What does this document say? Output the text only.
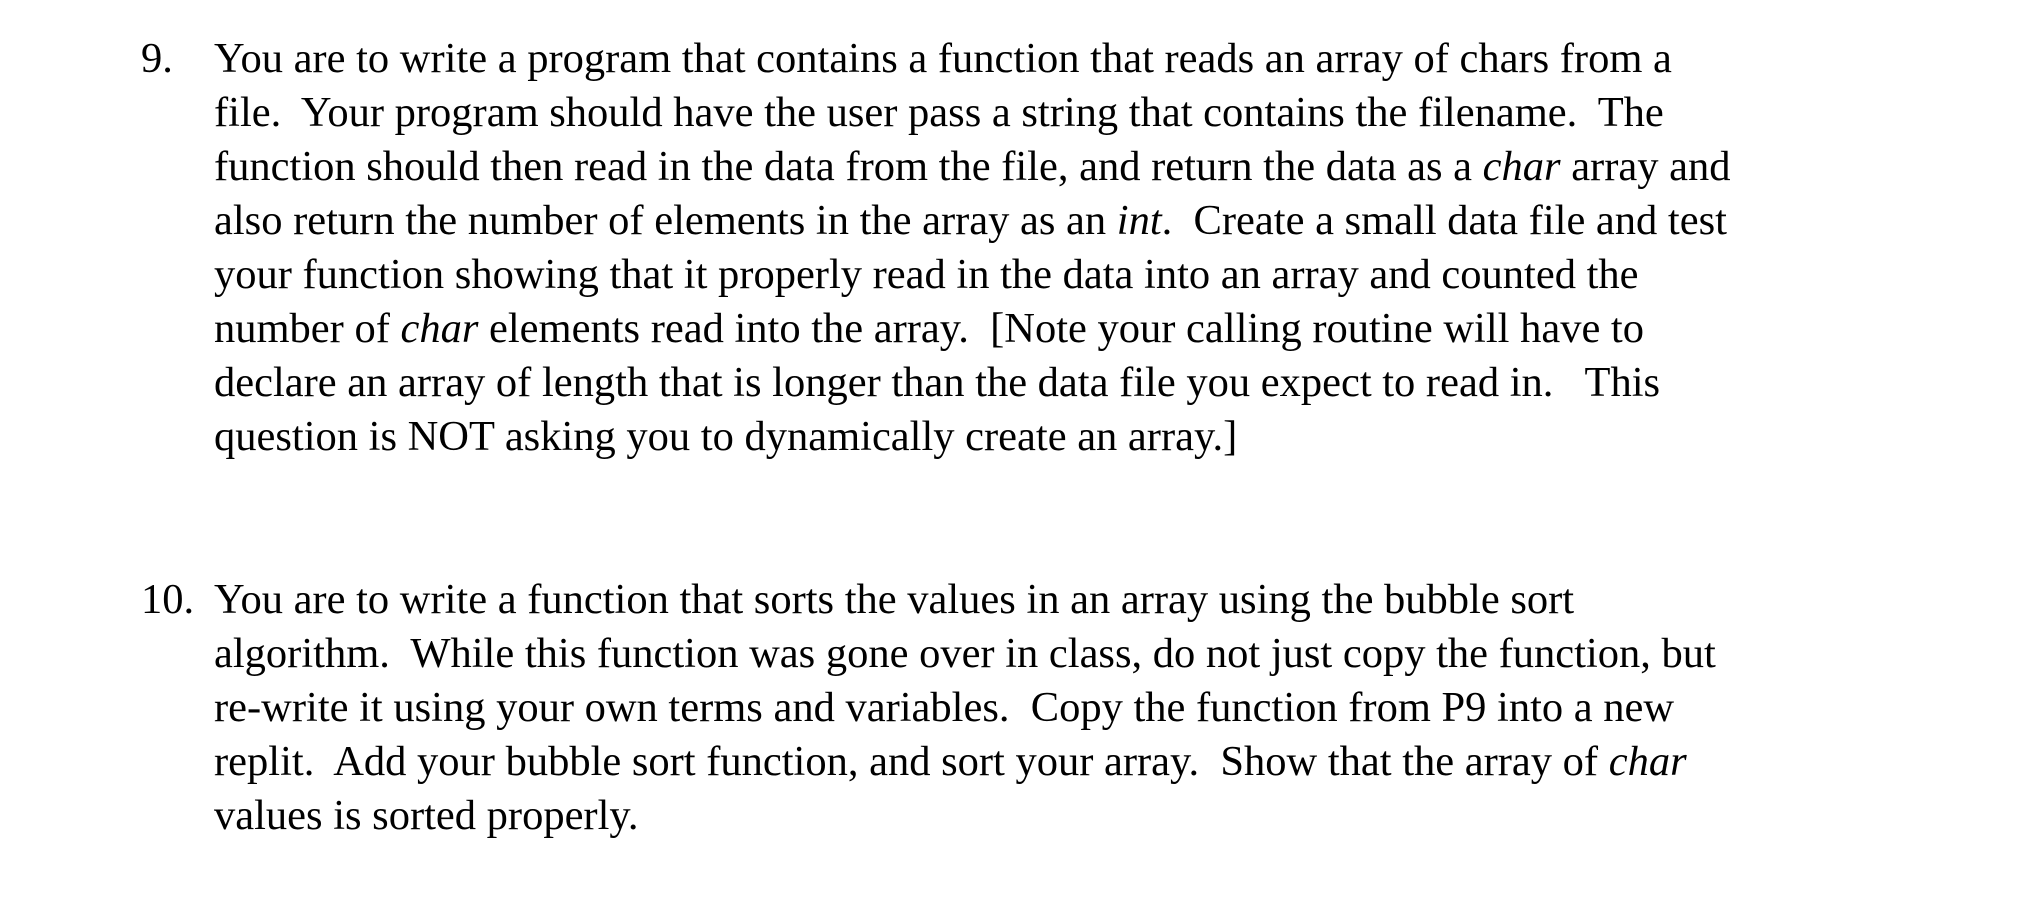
9. You are to write a program that contains a function that reads an array of chars from a
file.  Your program should have the user pass a string that contains the filename.  The
function should then read in the data from the file, and return the data as a char array and
also return the number of elements in the array as an int.  Create a small data file and test
your function showing that it properly read in the data into an array and counted the
number of char elements read into the array.  [Note your calling routine will have to
declare an array of length that is longer than the data file you expect to read in.   This
question is NOT asking you to dynamically create an array.]
10. You are to write a function that sorts the values in an array using the bubble sort
algorithm.  While this function was gone over in class, do not just copy the function, but
re-write it using your own terms and variables.  Copy the function from P9 into a new
replit.  Add your bubble sort function, and sort your array.  Show that the array of char
values is sorted properly.
